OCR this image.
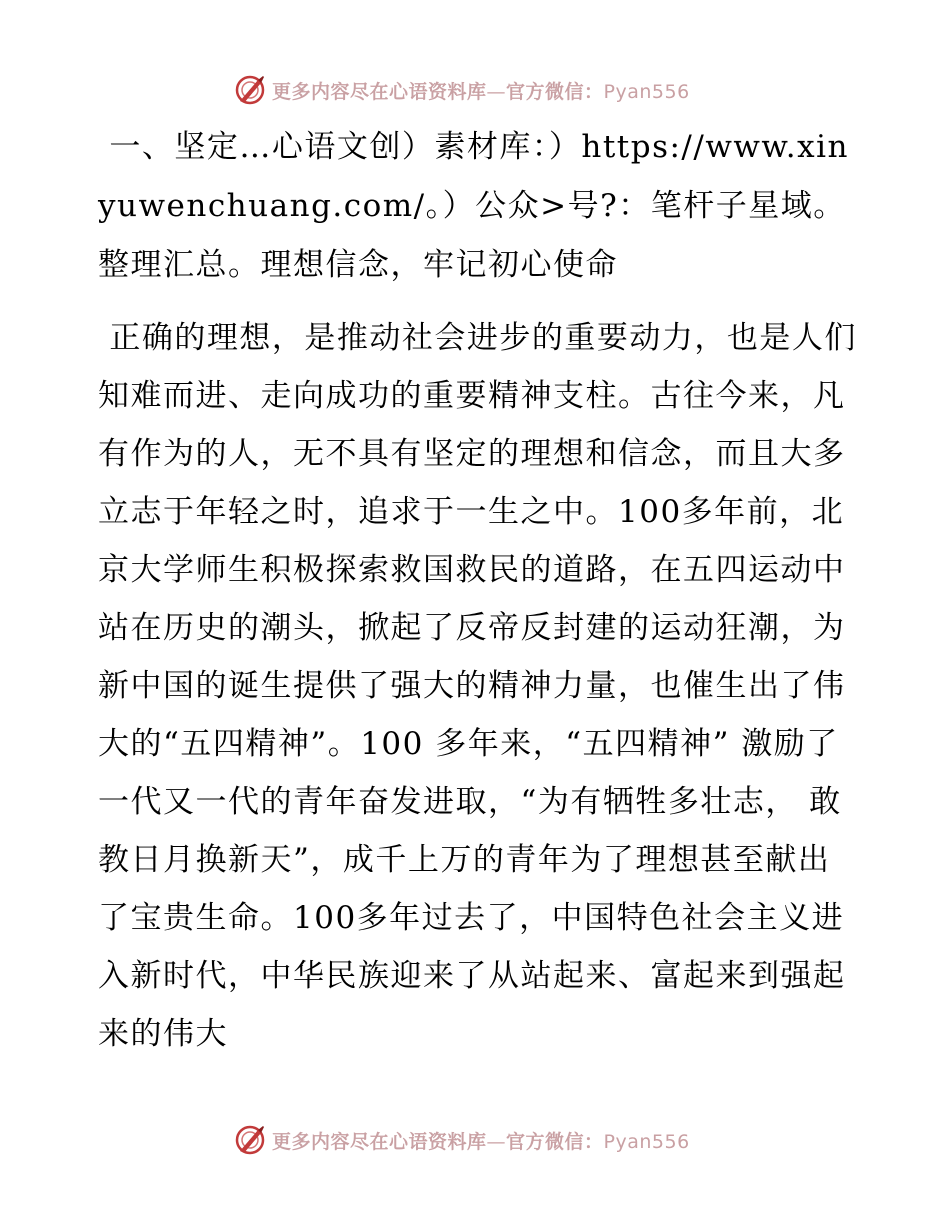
更多内容尽在心语资料库—官方微信：Pyan556

一、坚定…心语文创）素材库：）https://www.xinyuwenchuang.com/。）公众>号?：笔杆子星域。整理汇总。理想信念，牢记初心使命

正确的理想，是推动社会进步的重要动力，也是人们知难而进、走向成功的重要精神支柱。古往今来，凡有作为的人，无不具有坚定的理想和信念，而且大多立志于年轻之时，追求于一生之中。100多年前，北京大学师生积极探索救国救民的道路，在五四运动中站在历史的潮头，掀起了反帝反封建的运动狂潮，为新中国的诞生提供了强大的精神力量，也催生出了伟大的“五四精神”。100 多年来，“五四精神” 激励了一代又一代的青年奋发进取，“为有牺牲多壮志， 敢教日月换新天”，成千上万的青年为了理想甚至献出了宝贵生命。100多年过去了，中国特色社会主义进入新时代，中华民族迎来了从站起来、富起来到强起来的伟大

更多内容尽在心语资料库—官方微信：Pyan556
